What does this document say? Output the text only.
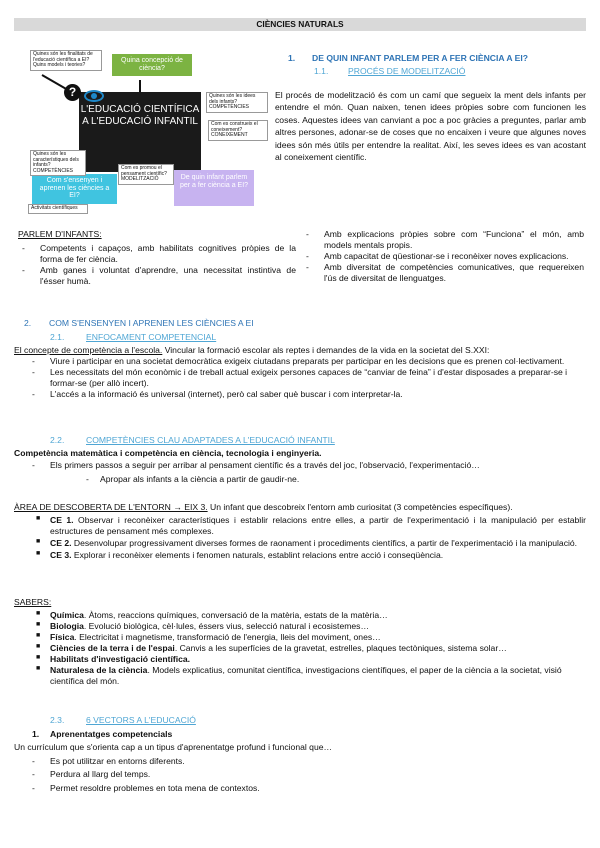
CIÈNCIES NATURALS
Quina concepció de ciència?
L'EDUCACIÓ CIENTÍFICA A L'EDUCACIÓ INFANTIL
Com s'ensenyen i aprenen les ciències a EI?
De quin infant parlem per a fer ciència a EI?
Quines són les finalitats de l'educació científica a EI? Quins models i teories?
Quines són les idees dels infants? COMPETÈNCIES
Com es construeix el coneixement? CONEIXEMENT
Quines són les característiques dels infants? COMPETÈNCIES	Com es promou el pensament científic? MODELITZACIÓ
Activitats científiques
?
1. DE QUIN INFANT PARLEM PER A FER CIÈNCIA A EI?
1.1. PROCÉS DE MODELITZACIÓ
El procés de modelització és com un camí que segueix la ment dels infants per entendre el món. Quan naixen, tenen idees pròpies sobre com funcionen les coses. Aquestes idees van canviant a poc a poc gràcies a preguntes, parlar amb altres persones, adonar-se de coses que no encaixen i veure que algunes noves idees són més útils per entendre la realitat. Així, les seves idees es van acostant al coneixement científic.
PARLEM D'INFANTS:
- Competents i capaços, amb habilitats cognitives pròpies de la forma de fer ciència.
- Amb ganes i voluntat d'aprendre, una necessitat instintiva de l'ésser humà.
- Amb explicacions pròpies sobre com “Funciona” el món, amb models mentals propis.
- Amb capacitat de qüestionar-se i reconèixer noves explicacions.
- Amb diversitat de competències comunicatives, que requereixen l'ús de diversitat de llenguatges.
2. COM S'ENSENYEN I APRENEN LES CIÈNCIES A EI
2.1.	ENFOCAMENT COMPETENCIAL
El concepte de competència a l'escola. Vincular la formació escolar als reptes i demandes de la vida en la societat del S.XXI:
- Viure i participar en una societat democràtica exigeix ciutadans preparats per participar en les decisions que es prenen col·lectivament.
- Les necessitats del món econòmic i de treball actual exigeix persones capaces de “canviar de feina” i d'estar disposades a preparar-se i formar-se (per allò incert).
- L'accés a la informació és universal (internet), però cal saber què buscar i com interpretar-la.
2.2.	COMPETÈNCIES CLAU ADAPTADES A L'EDUCACIÓ INFANTIL
Competència matemàtica i competència en ciència, tecnologia i enginyeria.
- Els primers passos a seguir per arribar al pensament científic és a través del joc, l'observació, l'experimentació…
- Apropar als infants a la ciència a partir de gaudir-ne.
ÀREA DE DESCOBERTA DE L'ENTORN → EIX 3. Un infant que descobreix l'entorn amb curiositat (3 competències específiques).
■ CE 1. Observar i reconèixer característiques i establir relacions entre elles, a partir de l'experimentació i la manipulació per establir estructures de pensament més complexes.
■ CE 2. Desenvolupar progressivament diverses formes de raonament i procediments científics, a partir de l'experimentació i la manipulació.
■ CE 3. Explorar i reconèixer elements i fenomen naturals, establint relacions entre acció i conseqüència.
SABERS:
■ Química. Àtoms, reaccions químiques, conversació de la matèria, estats de la matèria…
■ Biologia. Evolució biològica, cèl·lules, éssers vius, selecció natural i ecosistemes…
■ Física. Electricitat i magnetisme, transformació de l'energia, lleis del moviment, ones…
■ Ciències de la terra i de l'espai. Canvis a les superfícies de la gravetat, estrelles, plaques tectòniques, sistema solar…
■ Habilitats d'investigació científica.
■ Naturalesa de la ciència. Models explicatius, comunitat científica, investigacions científiques, el paper de la ciència a la societat, visió científica del món.
2.3.	6 VECTORS A L'EDUCACIÓ
1. Aprenentatges competencials
Un currículum que s'orienta cap a un tipus d'aprenentatge profund i funcional que…
- Es pot utilitzar en entorns diferents.
- Perdura al llarg del temps.
- Permet resoldre problemes en tota mena de contextos.
